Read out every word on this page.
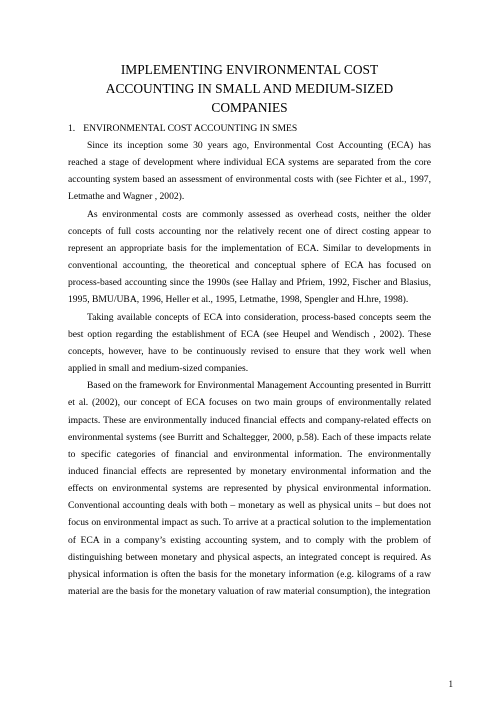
IMPLEMENTING ENVIRONMENTAL COST
ACCOUNTING IN SMALL AND MEDIUM-SIZED
COMPANIES
1. ENVIRONMENTAL COST ACCOUNTING IN SMES

Since its inception some 30 years ago, Environmental Cost Accounting (ECA) has reached a stage of development where individual ECA systems are separated from the core accounting system based an assessment of environmental costs with (see Fichter et al., 1997, Letmathe and Wagner , 2002).

As environmental costs are commonly assessed as overhead costs, neither the older concepts of full costs accounting nor the relatively recent one of direct costing appear to represent an appropriate basis for the implementation of ECA. Similar to developments in conventional accounting, the theoretical and conceptual sphere of ECA has focused on process-based accounting since the 1990s (see Hallay and Pfriem, 1992, Fischer and Blasius, 1995, BMU/UBA, 1996, Heller et al., 1995, Letmathe, 1998, Spengler and H.hre, 1998).

Taking available concepts of ECA into consideration, process-based concepts seem the best option regarding the establishment of ECA (see Heupel and Wendisch , 2002). These concepts, however, have to be continuously revised to ensure that they work well when applied in small and medium-sized companies.

Based on the framework for Environmental Management Accounting presented in Burritt et al. (2002), our concept of ECA focuses on two main groups of environmentally related impacts. These are environmentally induced financial effects and company-related effects on environmental systems (see Burritt and Schaltegger, 2000, p.58). Each of these impacts relate to specific categories of financial and environmental information. The environmentally induced financial effects are represented by monetary environmental information and the effects on environmental systems are represented by physical environmental information. Conventional accounting deals with both – monetary as well as physical units – but does not focus on environmental impact as such. To arrive at a practical solution to the implementation of ECA in a company’s existing accounting system, and to comply with the problem of distinguishing between monetary and physical aspects, an integrated concept is required. As physical information is often the basis for the monetary information (e.g. kilograms of a raw material are the basis for the monetary valuation of raw material consumption), the integration

1
